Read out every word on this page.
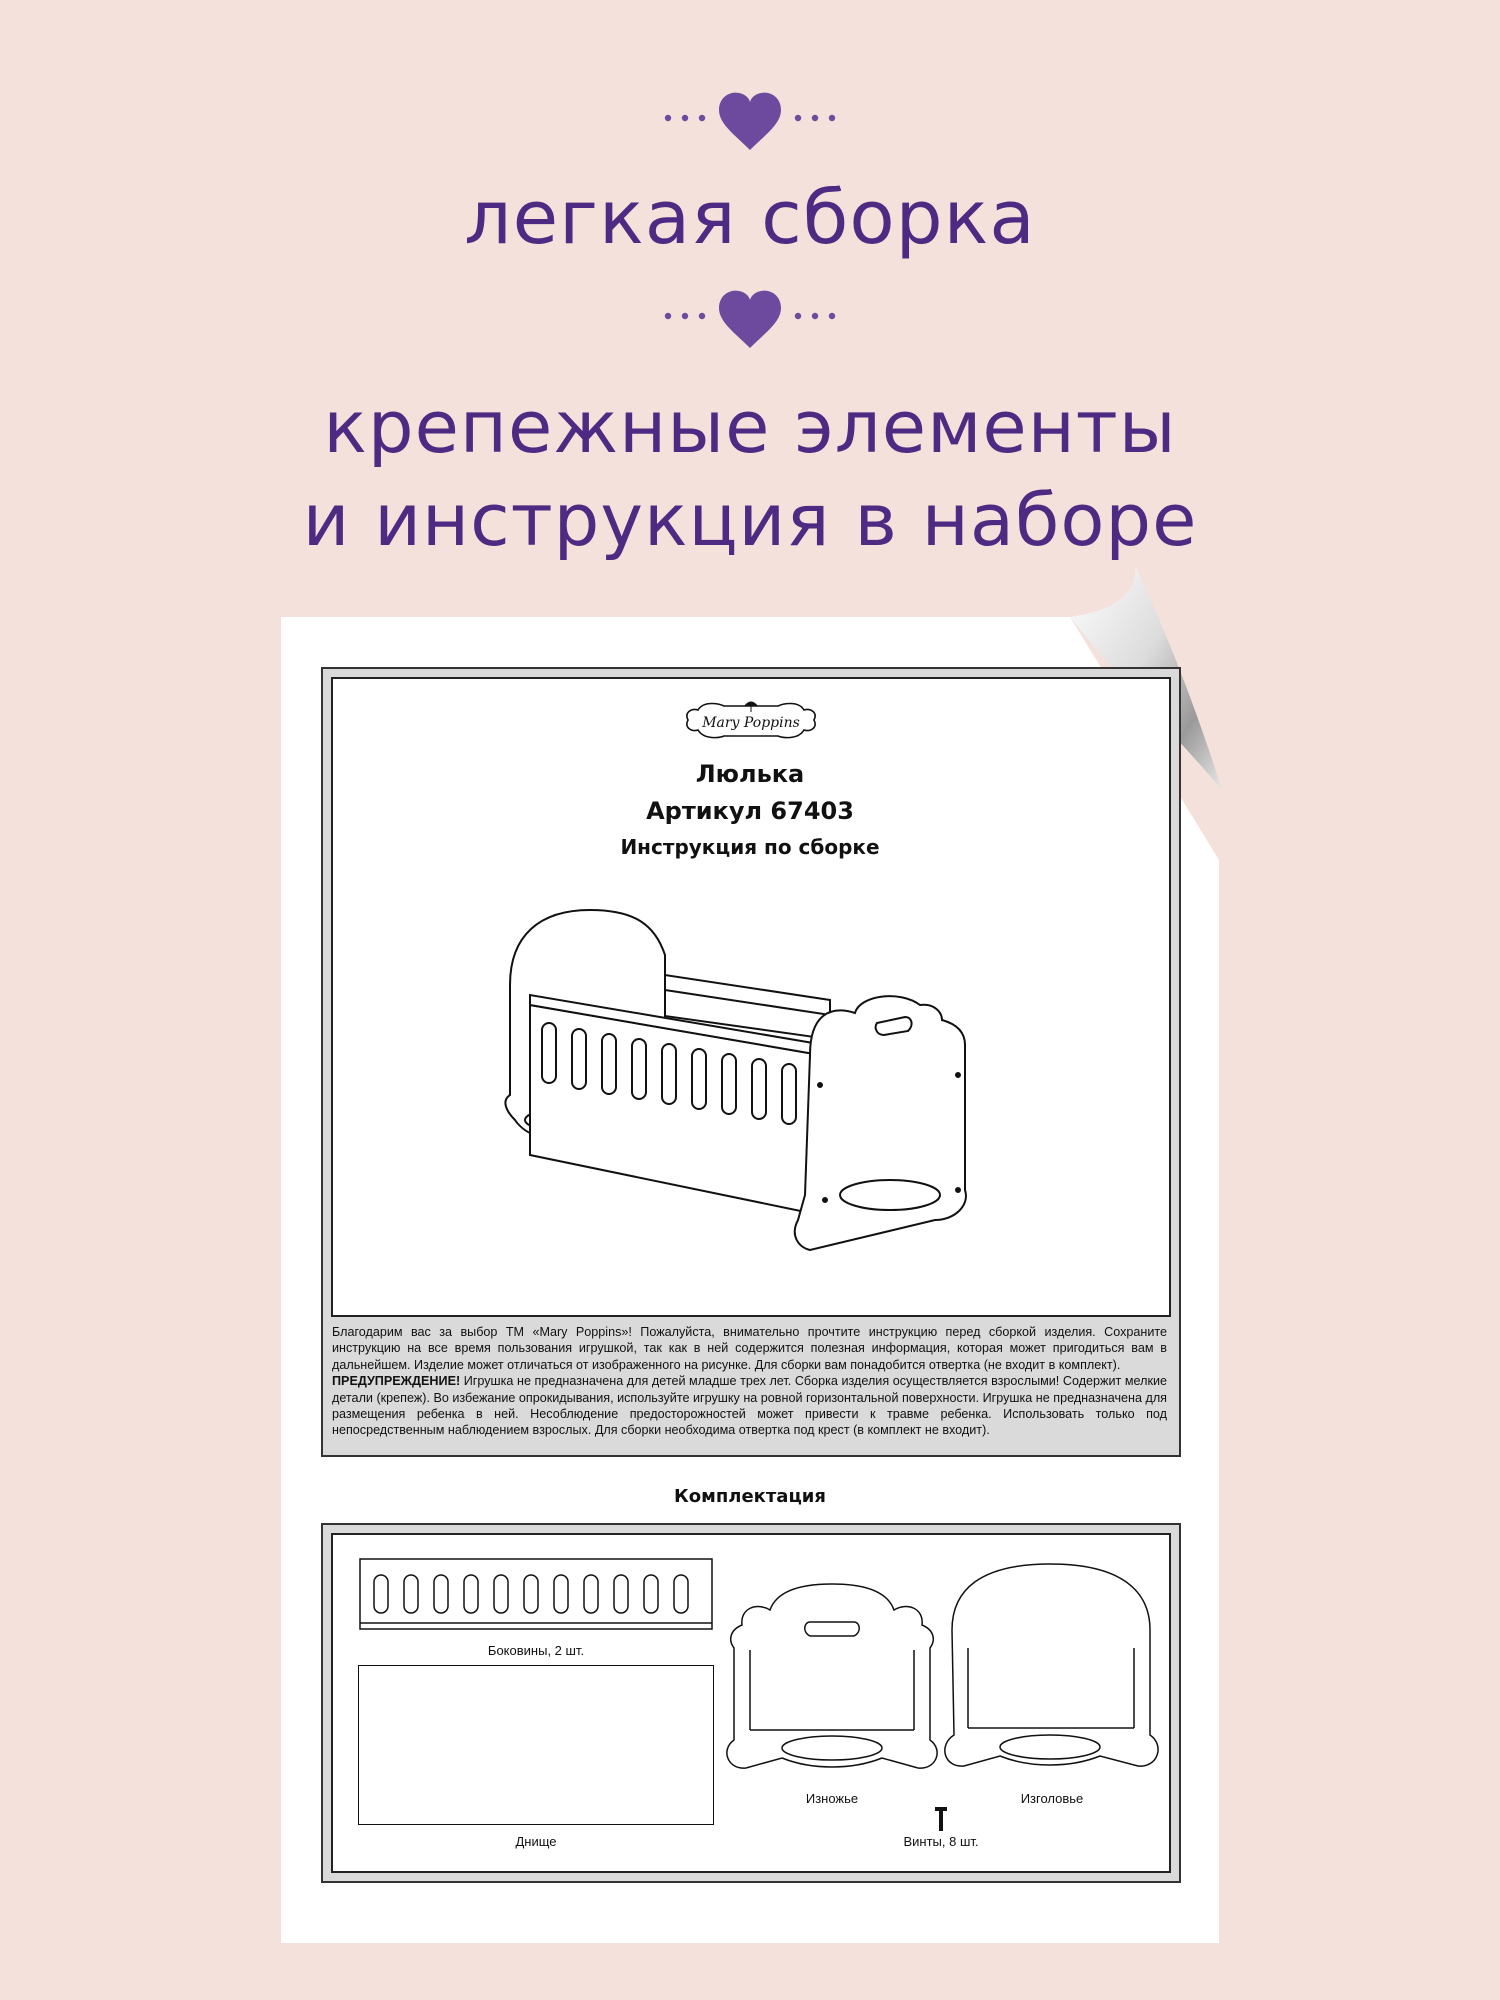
легкая сборка
крепежные элементы
и инструкция в наборе
Mary Poppins
Люлька
Артикул 67403
Инструкция по сборке
Благодарим вас за выбор ТМ «Mary Poppins»! Пожалуйста, внимательно прочтите инструкцию перед сборкой изделия. Сохраните инструкцию на все время пользования игрушкой, так как в ней содержится полезная информация, которая может пригодиться вам в дальнейшем. Изделие может отличаться от изображенного на рисунке. Для сборки вам понадобится отвертка (не входит в комплект).
ПРЕДУПРЕЖДЕНИЕ! Игрушка не предназначена для детей младше трех лет. Сборка изделия осуществляется взрослыми! Содержит мелкие детали (крепеж). Во избежание опрокидывания, используйте игрушку на ровной горизонтальной поверхности. Игрушка не предназначена для размещения ребенка в ней. Несоблюдение предосторожностей может привести к травме ребенка. Использовать только под непосредственным наблюдением взрослых. Для сборки необходима отвертка под крест (в комплект не входит).
Комплектация
Боковины, 2 шт.
Днище
Изножье	Изголовье
Винты, 8 шт.
